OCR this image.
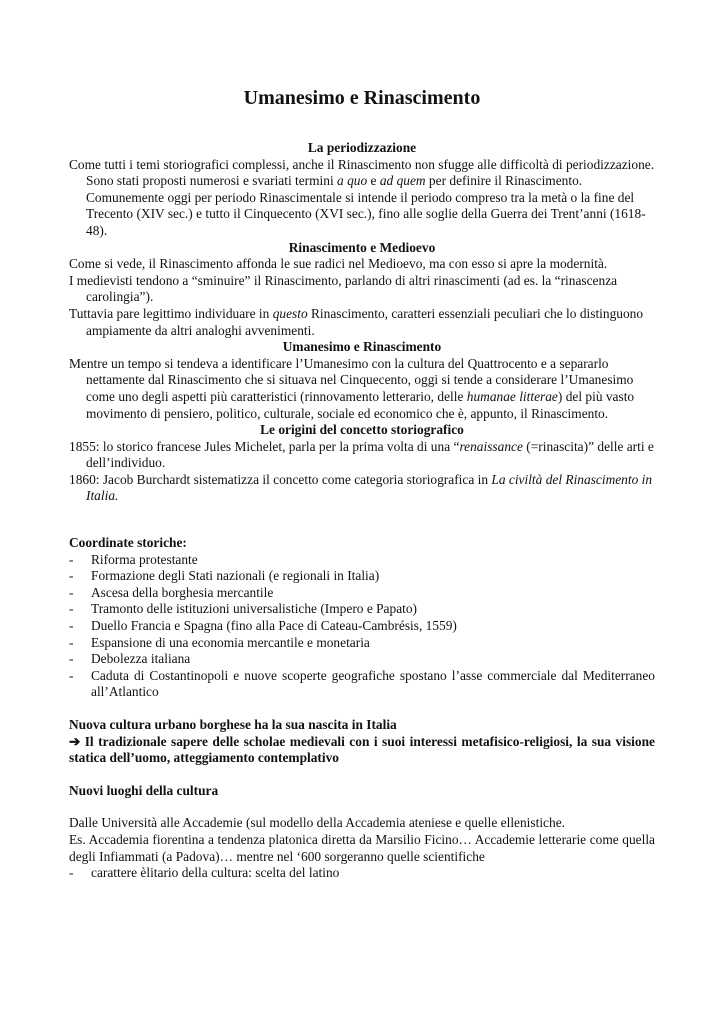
Umanesimo e Rinascimento

La periodizzazione

Come tutti i temi storiografici complessi, anche il Rinascimento non sfugge alle difficoltà di periodizzazione. Sono stati proposti numerosi e svariati termini a quo e ad quem per definire il Rinascimento. Comunemente oggi per periodo Rinascimentale si intende il periodo compreso tra la metà o la fine del Trecento (XIV sec.) e tutto il Cinquecento (XVI sec.), fino alle soglie della Guerra dei Trent’anni (1618-48).

Rinascimento e Medioevo

Come si vede, il Rinascimento affonda le sue radici nel Medioevo, ma con esso si apre la modernità.

I medievisti tendono a “sminuire” il Rinascimento, parlando di altri rinascimenti (ad es. la “rinascenza carolingia”).

Tuttavia pare legittimo individuare in questo Rinascimento, caratteri essenziali peculiari che lo distinguono ampiamente da altri analoghi avvenimenti.

Umanesimo e Rinascimento

Mentre un tempo si tendeva a identificare l’Umanesimo con la cultura del Quattrocento e a separarlo nettamente dal Rinascimento che si situava nel Cinquecento, oggi si tende a considerare l’Umanesimo come uno degli aspetti più caratteristici (rinnovamento letterario, delle humanae litterae) del più vasto movimento di pensiero, politico, culturale, sociale ed economico che è, appunto, il Rinascimento.

Le origini del concetto storiografico

1855: lo storico francese Jules Michelet, parla per la prima volta di una “renaissance (=rinascita)” delle arti e dell’individuo.

1860: Jacob Burchardt sistematizza il concetto come categoria storiografica in La civiltà del Rinascimento in Italia.

Coordinate storiche:

- Riforma protestante
- Formazione degli Stati nazionali (e regionali in Italia)
- Ascesa della borghesia mercantile
- Tramonto delle istituzioni universalistiche (Impero e Papato)
- Duello Francia e Spagna (fino alla Pace di Cateau-Cambrésis, 1559)
- Espansione di una economia mercantile e monetaria
- Debolezza italiana
- Caduta di Costantinopoli e nuove scoperte geografiche spostano l’asse commerciale dal Mediterraneo all’Atlantico

Nuova cultura urbano borghese ha la sua nascita in Italia

➔ Il tradizionale sapere delle scholae medievali con i suoi interessi metafisico-religiosi, la sua visione statica dell’uomo, atteggiamento contemplativo

Nuovi luoghi della cultura

Dalle Università alle Accademie (sul modello della Accademia ateniese e quelle ellenistiche.

Es. Accademia fiorentina a tendenza platonica diretta da Marsilio Ficino… Accademie letterarie come quella degli Infiammati (a Padova)… mentre nel ‘600 sorgeranno quelle scientifiche

- carattere èlitario della cultura: scelta del latino
